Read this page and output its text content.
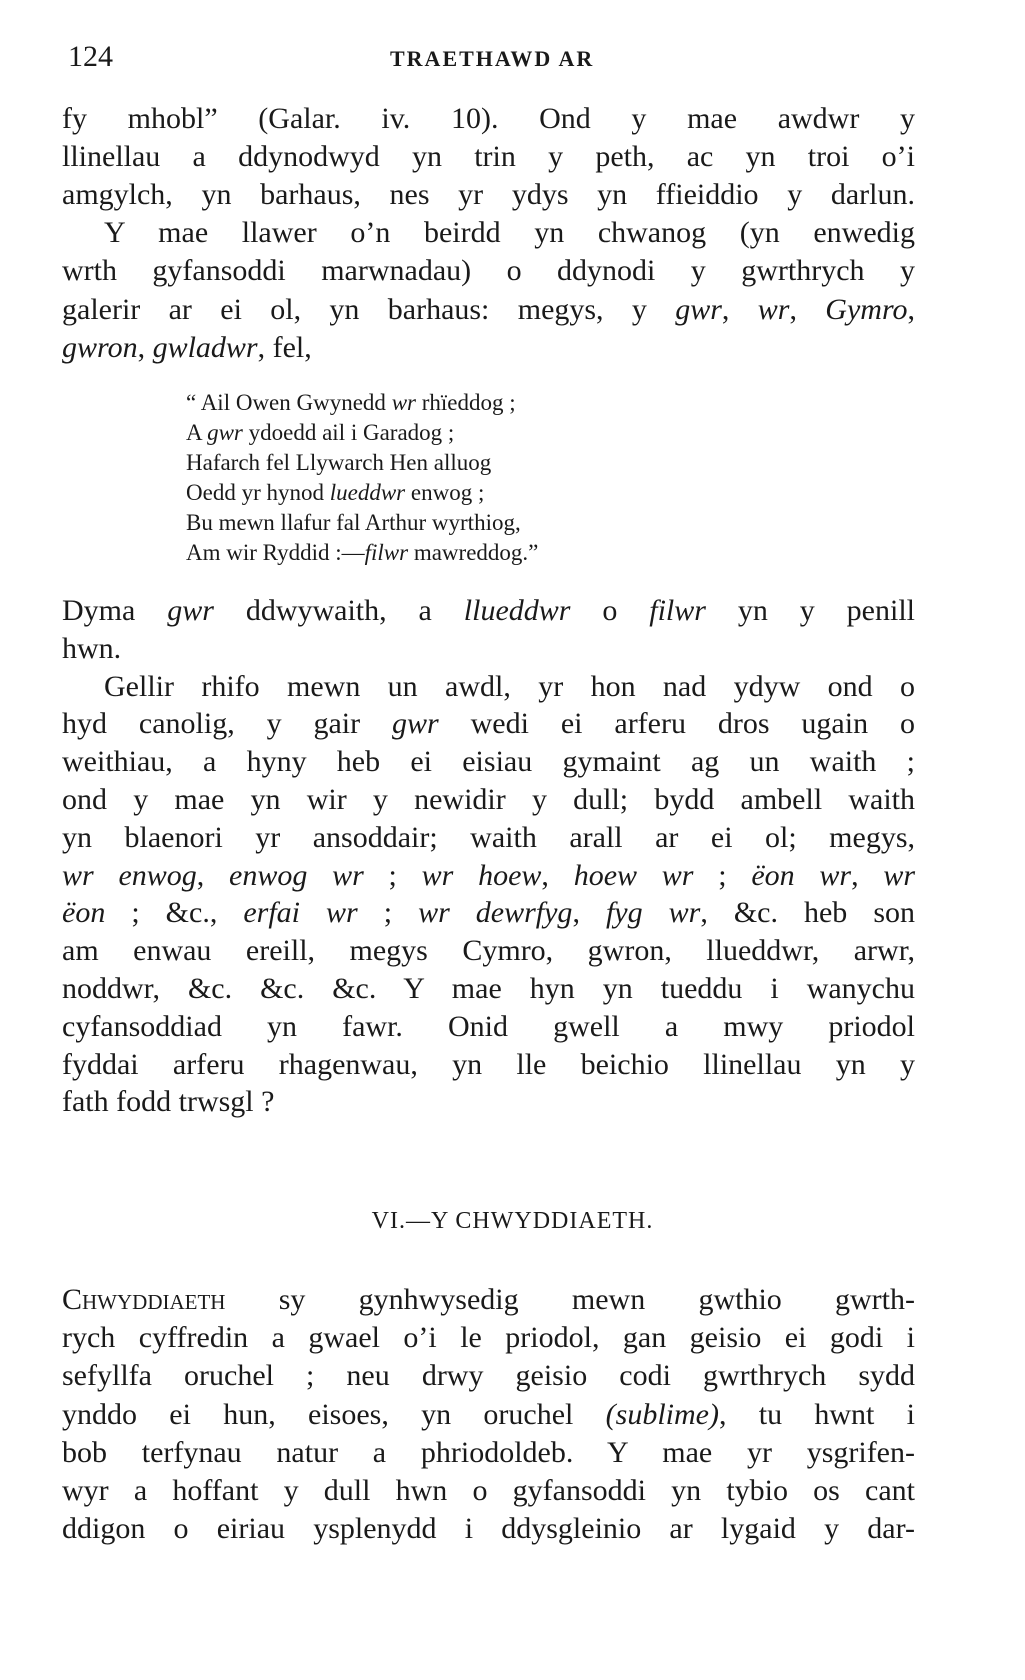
124	TRAETHAWD AR
fy mhobl” (Galar. iv. 10). Ond y mae awdwr y
llinellau a ddynodwyd yn trin y peth, ac yn troi o’i
amgylch, yn barhaus, nes yr ydys yn ffieiddio y darlun.
Y mae llawer o’n beirdd yn chwanog (yn enwedig
wrth gyfansoddi marwnadau) o ddynodi y gwrthrych y
galerir ar ei ol, yn barhaus: megys, y gwr, wr, Gymro,
gwron, gwladwr, fel,
“ Ail Owen Gwynedd wr rhïeddog ;
A gwr ydoedd ail i Garadog ;
Hafarch fel Llywarch Hen alluog
Oedd yr hynod lueddwr enwog ;
Bu mewn llafur fal Arthur wyrthiog,
Am wir Ryddid :—filwr mawreddog.”
Dyma gwr ddwywaith, a llueddwr o filwr yn y penill
hwn.
Gellir rhifo mewn un awdl, yr hon nad ydyw ond o
hyd canolig, y gair gwr wedi ei arferu dros ugain o
weithiau, a hyny heb ei eisiau gymaint ag un waith ;
ond y mae yn wir y newidir y dull; bydd ambell waith
yn blaenori yr ansoddair; waith arall ar ei ol; megys,
wr enwog, enwog wr ; wr hoew, hoew wr ; ëon wr, wr
ëon ; &c., erfai wr ; wr dewrfyg, fyg wr, &c. heb son
am enwau ereill, megys Cymro, gwron, llueddwr, arwr,
noddwr, &c. &c. &c. Y mae hyn yn tueddu i wanychu
cyfansoddiad yn fawr. Onid gwell a mwy priodol
fyddai arferu rhagenwau, yn lle beichio llinellau yn y
fath fodd trwsgl ?
Chwyddiaeth sy gynhwysedig mewn gwthio gwrth-
rych cyffredin a gwael o’i le priodol, gan geisio ei godi i
sefyllfa oruchel ; neu drwy geisio codi gwrthrych sydd
ynddo ei hun, eisoes, yn oruchel (sublime), tu hwnt i
bob terfynau natur a phriodoldeb. Y mae yr ysgrifen-
wyr a hoffant y dull hwn o gyfansoddi yn tybio os cant
ddigon o eiriau ysplenydd i ddysgleinio ar lygaid y dar-
VI.—Y CHWYDDIAETH.
